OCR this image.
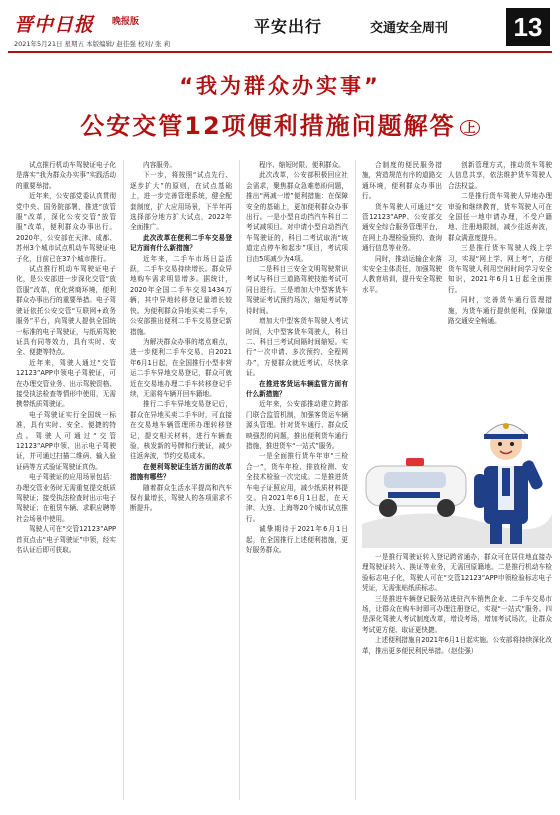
晋中日报 晚报版
2021年5月21日 星期五 本版编辑/ 赵佳强 校对/ 张 莉
平安出行	交通安全周刊	13
“我为群众办实事”
公安交管12项便利措施问题解答 上

试点推行机动车驾驶证电子化是落实“我为群众办实事”实践活动的重要举措。

近年来，公安部党委认真贯彻党中央、国务院部署，推进“放管服”改革，深化公安交管“放管服”改革，便利群众办事出行。2020年，公安部在天津、成都、苏州3个城市试点机动车驾驶证电子化，目前已在37个城市推行。

试点推行机动车驾驶证电子化，是公安部进一步深化交管“放管服”改革，优化营商环境，便利群众办事出行的重要举措。电子驾驶证依托公安交管“互联网+政务服务”平台，向驾驶人提供全国统一标准的电子驾驶证，与纸质驾驶证具有同等效力，具有实时、安全、便捷等特点。

近年来，驾驶人通过“交管12123”APP申领电子驾驶证，可在办理交管业务、出示驾驶资格、接受执法检查等情形中使用，无需携带纸质驾驶证。

电子驾驶证实行全国统一标准，具有实时、安全、便捷的特点。驾驶人可通过“交管12123”APP申领、出示电子驾驶证，并可通过扫描二维码、输入验证码等方式验证驾驶证真伪。

电子驾驶证的应用场景包括：办理交管业务时无需重复提交纸质驾驶证；接受执法检查时出示电子驾驶证；在租赁车辆、求职应聘等社会场景中使用。

驾驶人可在“交管12123”APP首页点击“电子驾驶证”申领，经实名认证后即可获取。

内容服务。

下一步，将按照“试点先行、逐步扩大”的原则，在试点基础上，进一步完善管理系统，健全配套制度，扩大应用场景，下半年再选择部分地方扩大试点，2022年全面推广。

此次改革在便利二手车交易登记方面有什么新措施？

近年来，二手车市场日益活跃，二手车交易持续增长。群众异地购车需求明显增多。据统计，2020年全国二手车交易1434万辆，其中异地转移登记量增长较快。为便利群众异地买卖二手车，公安部推出便利二手车交易登记新措施。

为解决群众办事的堵点难点，进一步便利二手车交易，自2021年6月1日起，在全国推行小型非营运二手车异地交易登记，群众可就近在交易地办理二手车转移登记手续，无需将车辆开回车籍地。

推行二手车异地交易登记后，群众在异地买卖二手车时，可直接在交易地车辆管理所办理转移登记，提交相关材料，进行车辆查验，核发新的号牌和行驶证，减少往返奔波，节约交易成本。

在便利驾驶证生活方面的改革措施有哪些？

随着群众生活水平提高和汽车保有量增长，驾驶人的各项需求不断提升。

程序、缩短时限、便利群众。

此次改革，公安部积极回应社会需求，聚焦群众急难愁盼问题，推出“两减一增”便利措施：在保障安全的基础上，更加便利群众办事出行。一是小型自动挡汽车科目二考试减项目。对申请小型自动挡汽车驾驶证的，科目二考试取消“坡道定点停车和起步”项目，考试项目由5项减少为4项。

二是科目三安全文明驾驶常识考试与科目三道路驾驶技能考试可同日进行。三是增加大中型客货车驾驶证考试预约场次，缩短考试等待时间。

增加大中型客货车驾驶人考试时间，大中型客货车驾驶人，科目二、科目三考试间隔时间缩短。实行“一次申请、多次预约、全程网办”，方便群众就近考试、尽快拿证。

在推进客货运车辆监管方面有什么新措施？

近年来，公安部推动建立跨部门联合监管机制，加强客货运车辆源头管理。针对货车通行、群众反映强烈的问题，推出便利货车通行措施，推进货车“一站式”服务。

一是全面推行货车年审“三检合一”，货车年检、排放检测、安全技术检验一次完成。二是推进货车电子证照应用，减少纸质材料提交。自2021年6月1日起，在天津、大连、上海等20个城市试点推行。

诚挚期待于2021年6月1日起，在全国推行上述便利措施，更好服务群众。

合制度的便民服务措施，营造规范有序的道路交通环境，便利群众办事出行。

货车驾驶人可通过“交管12123”APP、公安部交通安全综合服务管理平台，在网上办理检验预约、查询通行信息等业务。

同时，推动运输企业落实安全主体责任，加强驾驶人教育培训，提升安全驾驶水平。

创新管理方式，推动货车驾驶人信息共享，依法维护货车驾驶人合法权益。

二是推行货车驾驶人异地办理审验和继续教育，货车驾驶人可在全国任一地申请办理，不受户籍地、注册地限制，减少往返奔波，群众满意度提升。

三是推行货车驾驶人线上学习，实现“网上学、网上考”，方便货车驾驶人利用空闲时间学习安全知识，2021年6月1日起全面推行。

同时，完善货车通行管理措施，为货车通行提供便利，保障道路交通安全畅通。

一是推行驾驶证转入登记跨省通办，群众可在居住地直接办理驾驶证转入、换证等业务，无需回原籍地。二是推行机动车检验标志电子化，驾驶人可在“交管12123”APP申领检验标志电子凭证，无需张贴纸质标志。

三是推进车辆登记服务站进驻汽车销售企业、二手车交易市场，让群众在购车时即可办理注册登记，实现“一站式”服务。四是深化驾驶人考试制度改革，增设考场，增加考试场次，让群众考试更方便、取证更快捷。

上述便利措施自2021年6月1日起实施。公安部将持续深化改革，推出更多便民利民举措。（赵佳强）
